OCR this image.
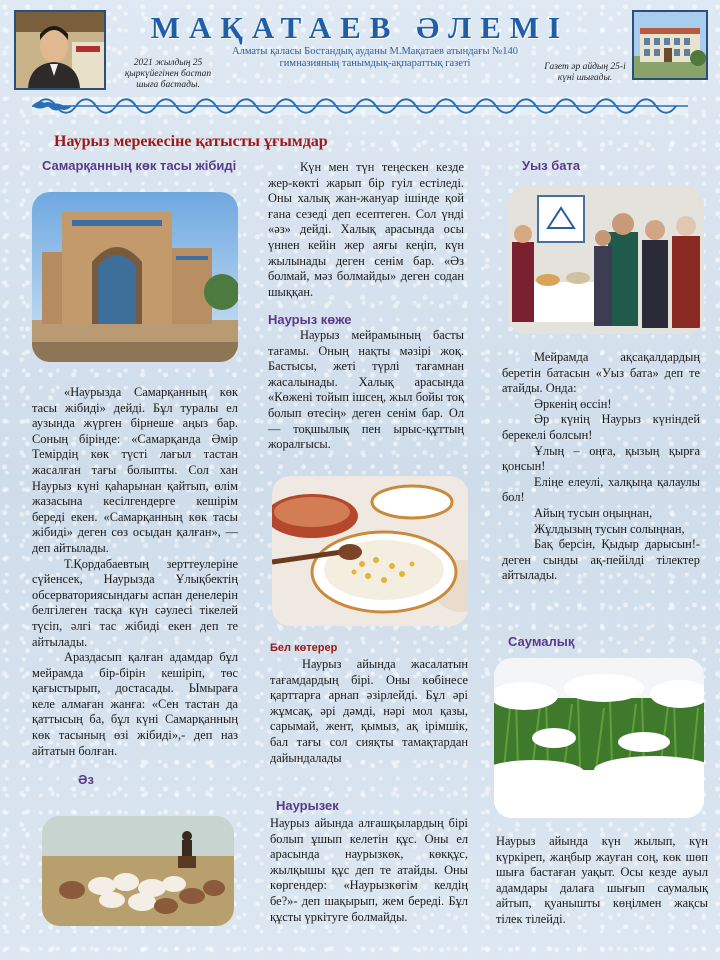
МАҚАТАЕВ ӘЛЕМІ
Алматы қаласы Бостандық ауданы М.Мақатаев атындағы №140 гимназияның танымдық-ақпараттық газеті
2021 жылдың 25 қыркүйегінен бастап шыға бастады.
Газет әр айдың 25-і күні шығады.
Наурыз мерекесіне қатысты ұғымдар
Самарқанның көк тасы жібиді

«Наурызда Самарқанның көк тасы жібиді» дейді. Бұл туралы ел аузында жүрген бірнеше аңыз бар. Соның бірінде: «Самарқанда Әмір Темірдің көк түсті лағыл тастан жасалған тағы болыпты. Сол хан Наурыз күні қаһарынан қайтып, өлім жазасына кесілгендерге кешірім береді екен. «Самарқанның көк тасы жібиді» деген сөз осыдан қалған», — деп айтылады.

Т.Қордабаевтың зерттеулеріне сүйенсек, Наурызда Ұлықбектің обсерваториясындағы аспан денелерін белгілеген тасқа күн сәулесі тікелей түсіп, әлгі тас жібиді екен деп те айтылады.

Араздасып қалған адамдар бұл мейрамда бір-бірін кешіріп, төс қағыстырып, достасады. Ымыраға келе алмаған жанға: «Сен тастан да қаттысың ба, бұл күні Самарқанның көк тасының өзі жібиді»,- деп наз айтатын болған.

Әз

Күн мен түн теңескен кезде жер-көкті жарып бір гуіл естіледі. Оны халық жан-жануар ішінде қой ғана сезеді деп есептеген. Сол үнді «әз» дейді. Халық арасында осы үннен кейін жер аяғы кеңіп, күн жылынады деген сенім бар. «Әз болмай, мәз болмайды» деген содан шыққан.

Наурыз көже

Наурыз мейрамының басты тағамы. Оның нақты мәзірі жоқ. Бастысы, жеті түрлі тағамнан жасалынады. Халық арасында «Көжені тойып ішсең, жыл бойы тоқ болып өтесің» деген сенім бар. Ол — тоқшылық пен ырыс-құттың жоралғысы.

Бел көтерер

Наурыз айында жасалатын тағамдардың бірі. Оны көбінесе қарттарға арнап әзірлейді. Бұл әрі жұмсақ, әрі дәмді, нәрі мол қазы, сарымай, жент, қымыз, ақ ірімшік, бал тағы сол сияқты тамақтардан дайындалады

Наурызек

Наурыз айында алғашқылардың бірі болып ұшып келетін құс. Оны ел арасында наурызкөк, көкқұс, жылқышы құс деп те атайды. Оны көргендер: «Наурызкөгім келдің бе?»- деп шақырып, жем береді. Бұл құсты үркітуге болмайды.

Уыз бата

Мейрамда ақсақалдардың беретін батасын «Уыз бата» деп те атайды. Онда:

Әркенің өссін!

Әр күнің Наурыз күніндей берекелі болсын!

Ұлың – оңға, қызың қырға қонсын!

Еліңе елеулі, халқыңа қалаулы бол!

Айың тусын оңыңнан,

Жұлдызың тусын солыңнан,

Бақ берсін, Қыдыр дарысын!-деген сынды ақ-пейілді тілектер айтылады.

Саумалық

Наурыз айында күн жылып, күн күркіреп, жаңбыр жауған соң, көк шөп шыға бастаған уақыт. Осы кезде ауыл адамдары далаға шығып саумалық айтып, қуанышты көңілмен жақсы тілек тілейді.
